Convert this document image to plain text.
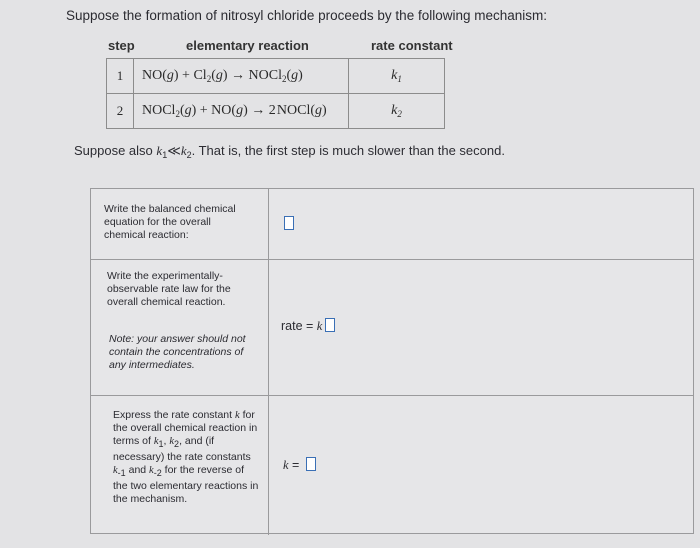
Suppose the formation of nitrosyl chloride proceeds by the following mechanism:
step	elementary reaction	rate constant
1	$NO(g) + Cl_2(g)$ → NOCl$_2$(g)	$k_1$
2	NOCl$_2$(g) + NO(g) → 2 NOCl(g)	$k_2$
Suppose also $k_1≪k_2$. That is, the first step is much slower than the second.
Write the balanced chemical equation for the overall chemical reaction:
Write the experimentally-observable rate law for the overall chemical reaction.
Note: your answer should not contain the concentrations of any intermediates.
rate = k
Express the rate constant k for the overall chemical reaction in terms of $k_1$, $k_2$, and (if necessary) the rate constants $k_{-1}$ and $k_{-2}$ for the reverse of the two elementary reactions in the mechanism.
k =
